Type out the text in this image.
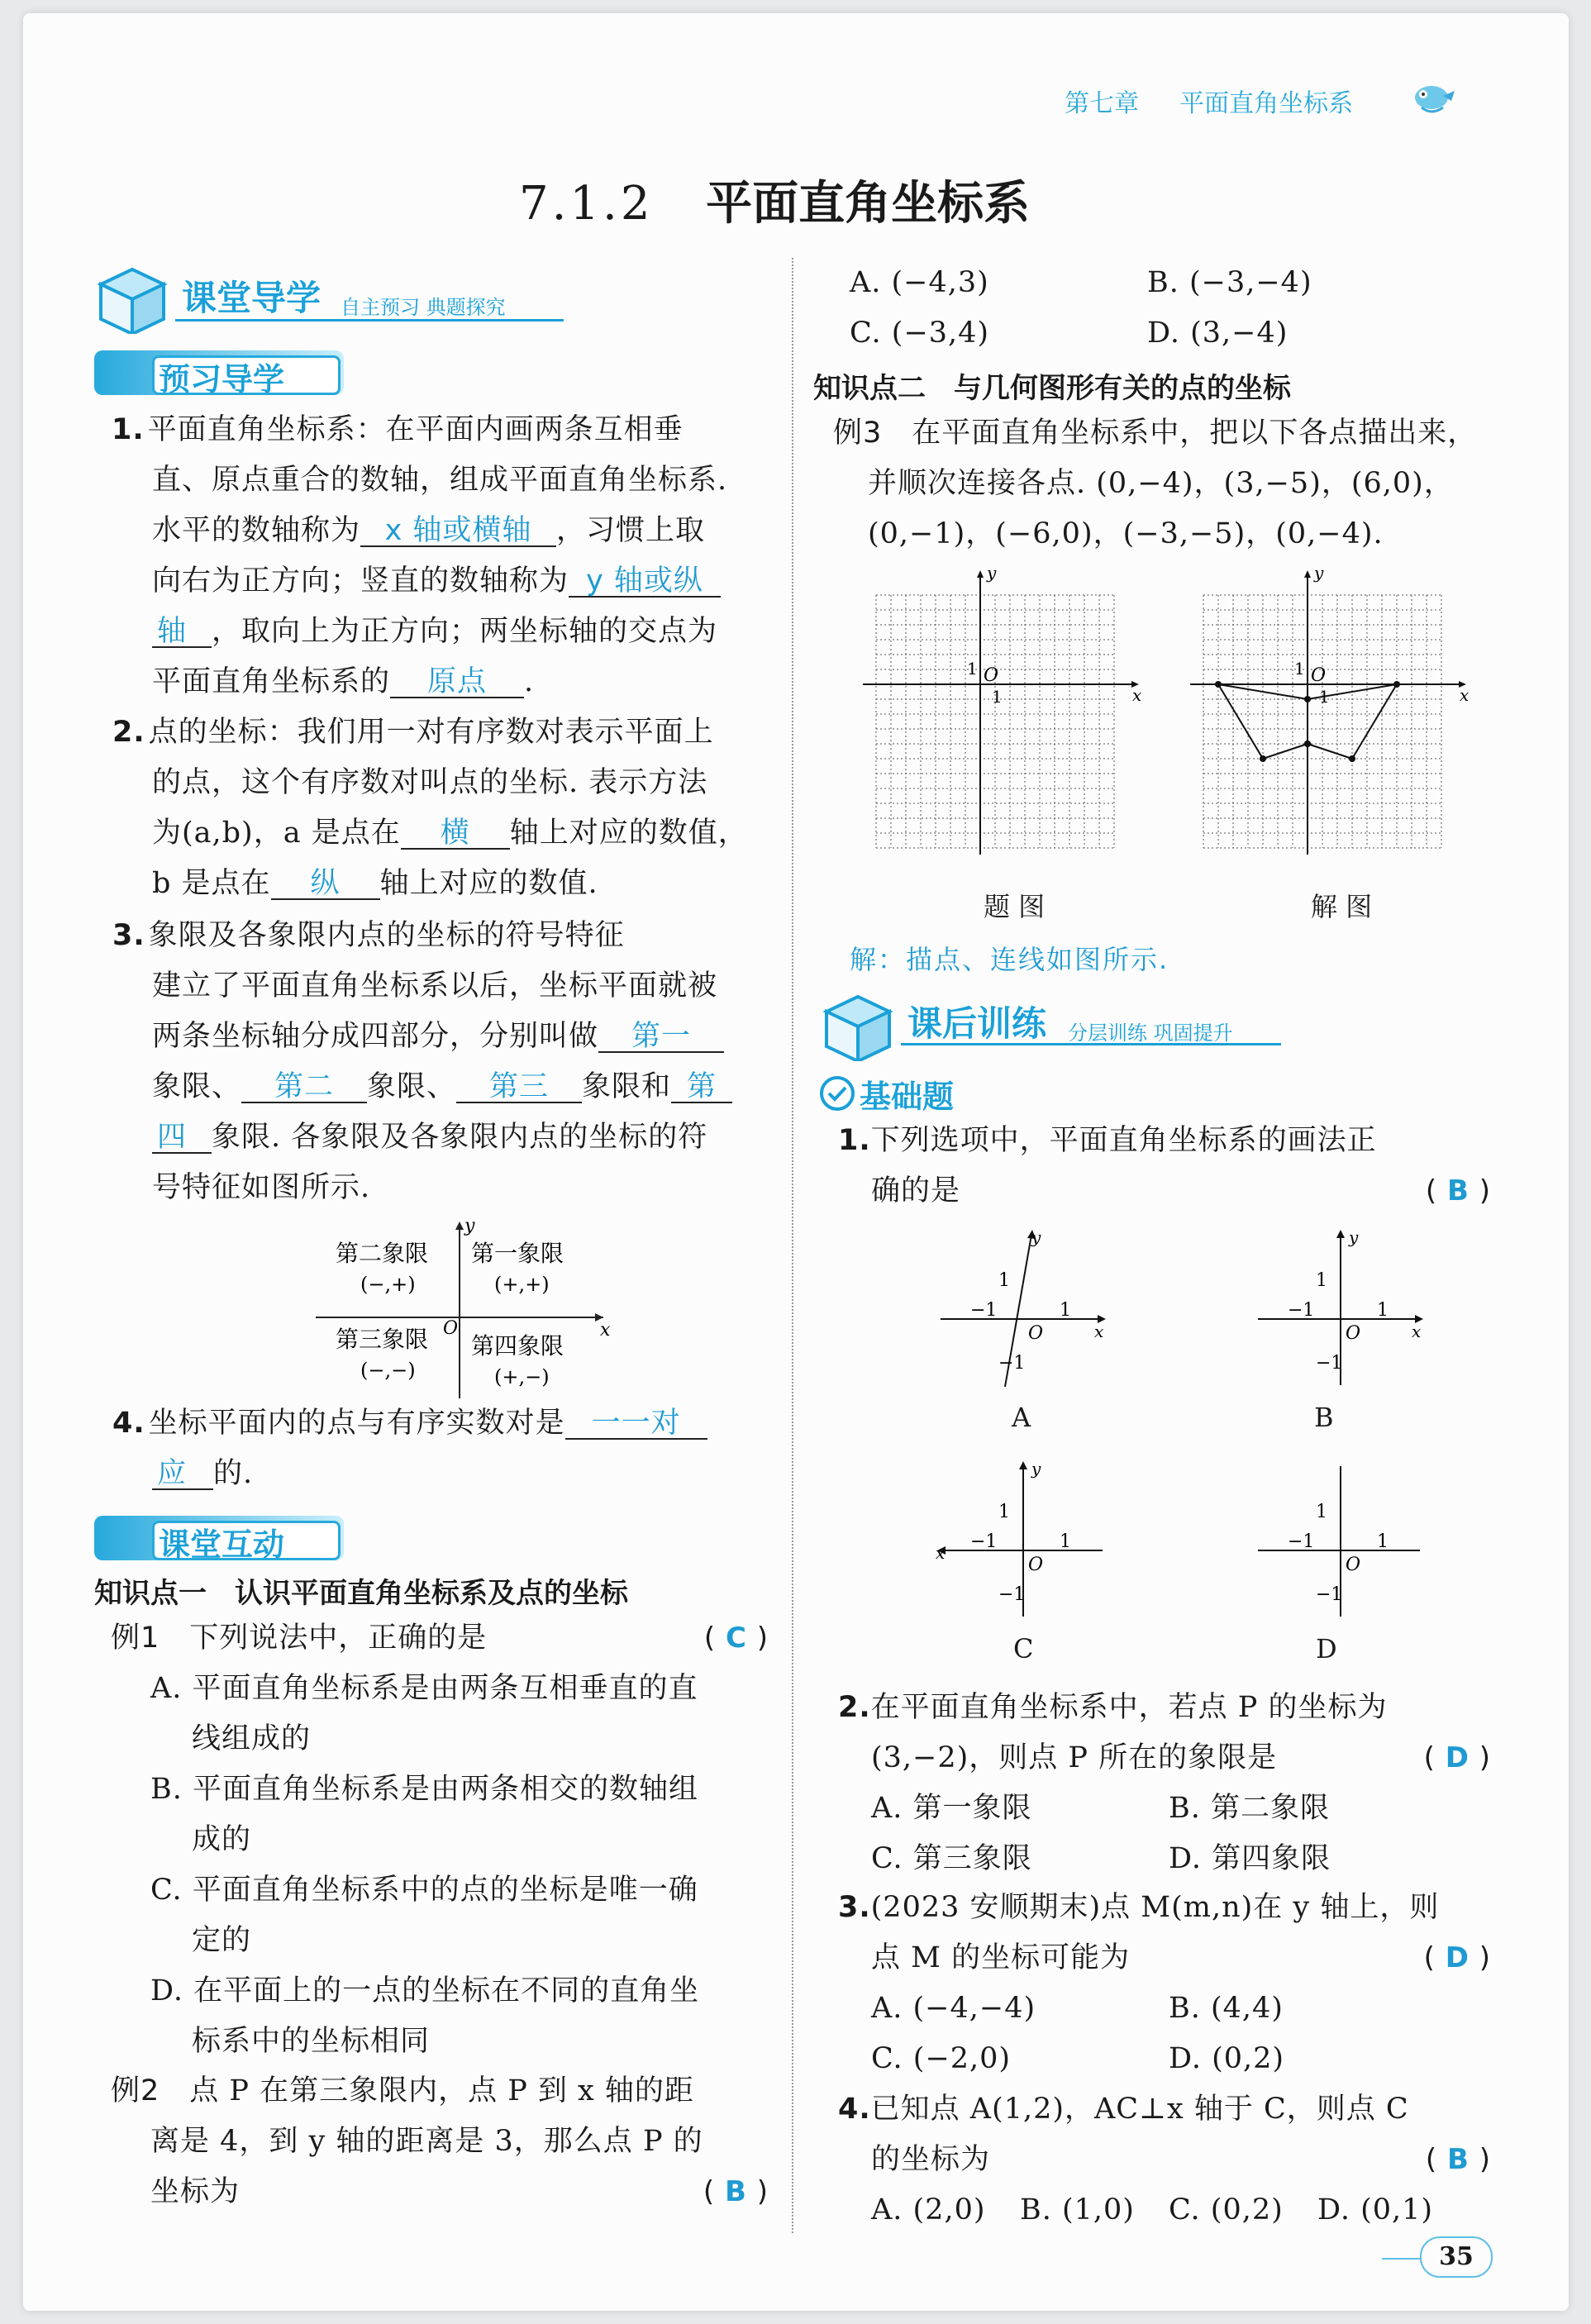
第七章 平面直角坐标系
7.1.2 平面直角坐标系
课堂导学 自主预习 典题探究
预习导学
1. 平面直角坐标系：在平面内画两条互相垂
直、原点重合的数轴，组成平面直角坐标系.
水平的数轴称为 x 轴或横轴 ，习惯上取
向右为正方向；竖直的数轴称为 y 轴或纵
轴 ，取向上为正方向；两坐标轴的交点为
平面直角坐标系的 原点 .
2. 点的坐标：我们用一对有序数对表示平面上
的点，这个有序数对叫点的坐标. 表示方法
为(a,b)，a 是点在 横 轴上对应的数值，
b 是点在 纵 轴上对应的数值.
3. 象限及各象限内点的坐标的符号特征
建立了平面直角坐标系以后，坐标平面就被
两条坐标轴分成四部分，分别叫做 第一
象限、 第二 象限、 第三 象限和 第
四 象限. 各象限及各象限内点的坐标的符
号特征如图所示.
y
x
O
第一象限
(+,+)
第二象限
(−,+)
第三象限
(−,−)
第四象限
(+,−)
4. 坐标平面内的点与有序实数对是 一一对
应 的.
课堂互动
知识点一　认识平面直角坐标系及点的坐标
例1　 下列说法中，正确的是	( C )
A. 平面直角坐标系是由两条互相垂直的直
线组成的
B. 平面直角坐标系是由两条相交的数轴组
成的
C. 平面直角坐标系中的点的坐标是唯一确
定的
D. 在平面上的一点的坐标在不同的直角坐
标系中的坐标相同
例2　 点 P 在第三象限内，点 P 到 x 轴的距
离是 4，到 y 轴的距离是 3，那么点 P 的
坐标为	( B )
A. (−4,3)	B. (−3,−4)
C. (−3,4)	D. (3,−4)
知识点二　与几何图形有关的点的坐标
例3　 在平面直角坐标系中，把以下各点描出来，
并顺次连接各点. (0,−4)，(3,−5)，(6,0)，
(0,−1)，(−6,0)，(−3,−5)，(0,−4).
x
y
O
1
1	x
y
O
1
1
题 图	解 图
解：描点、连线如图所示.
课后训练 分层训练 巩固提升
基础题
1.下列选项中，平面直角坐标系的画法正
确的是	( B )
1
−1
−1	1
O
y
x
1
−1
−1	1
O
y
x
1
−1
−1	1
O
y
x
1
−1
−1	1
O
A	B
C	D
2.在平面直角坐标系中，若点 P 的坐标为
(3,−2)，则点 P 所在的象限是	( D )
A. 第一象限	B. 第二象限
C. 第三象限	D. 第四象限
3.(2023 安顺期末)点 M(m,n)在 y 轴上，则
点 M 的坐标可能为	( D )
A. (−4,−4)	B. (4,4)
C. (−2,0)	D. (0,2)
4.已知点 A(1,2)，AC⊥x 轴于 C，则点 C
的坐标为	( B )
A. (2,0) B. (1,0) C. (0,2) D. (0,1)
35
